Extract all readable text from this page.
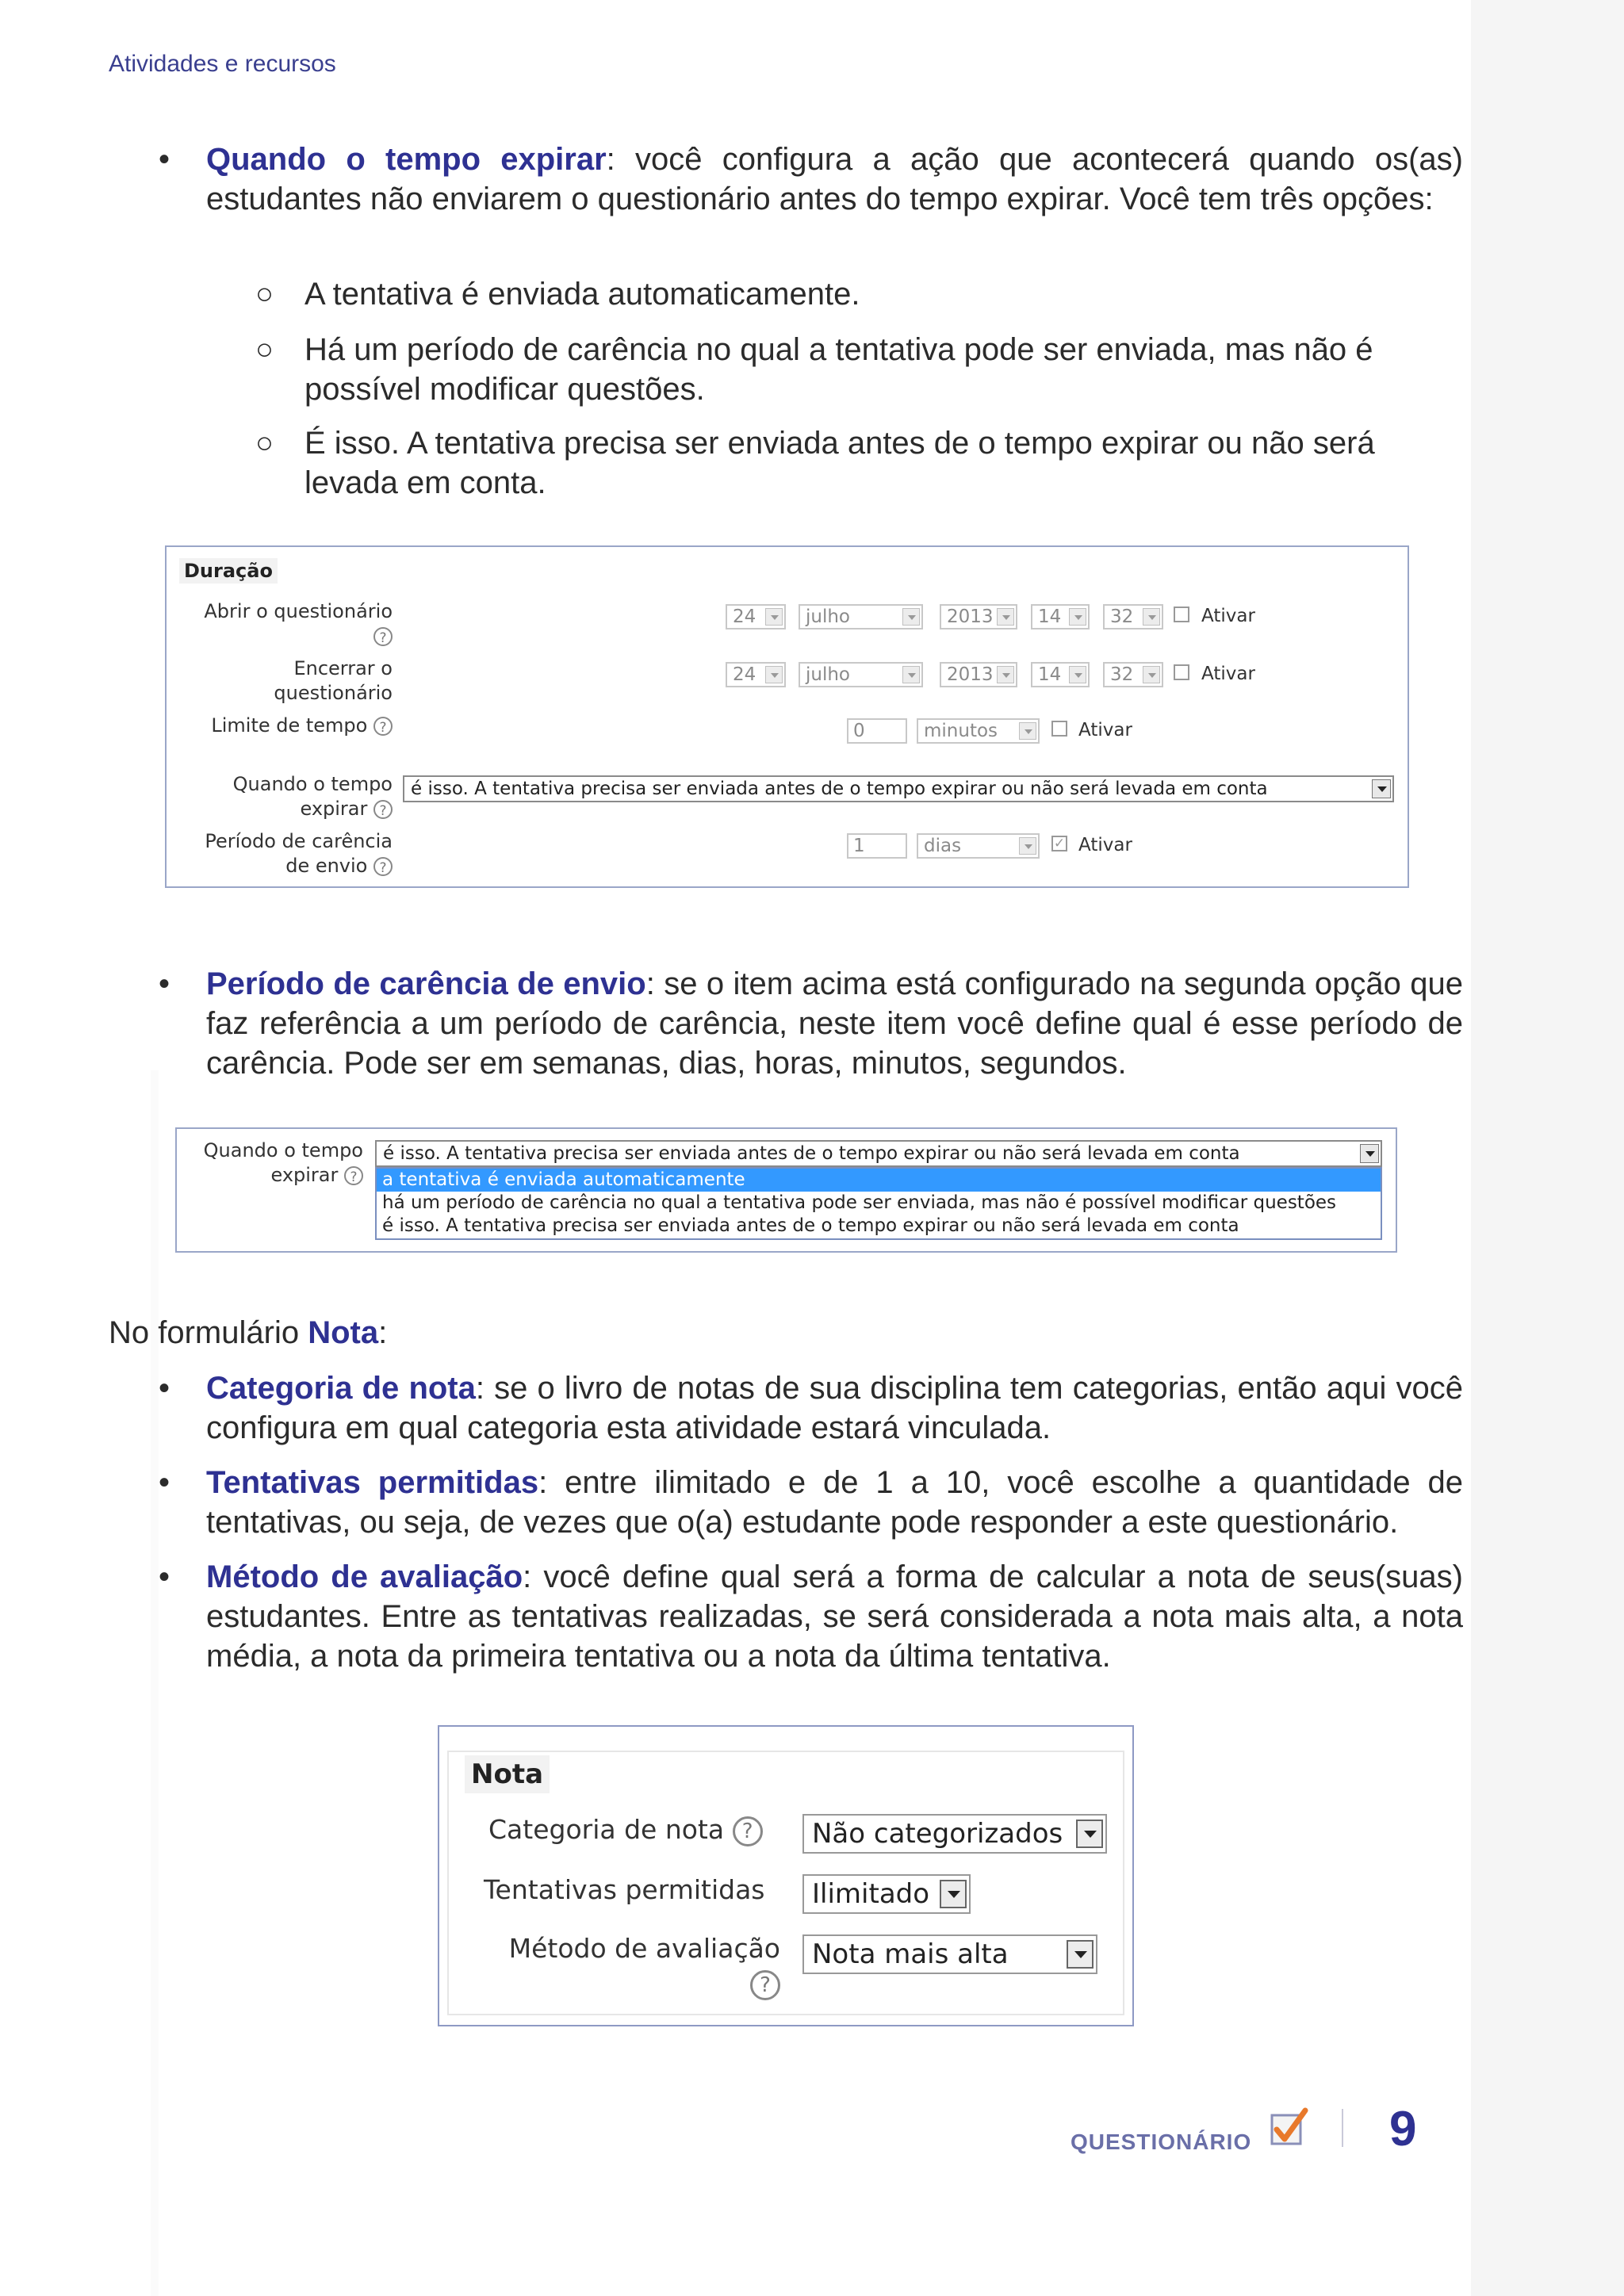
Atividades e recursos
•	Quando o tempo expirar: você configura a ação que acontecerá quando os(as) estudantes não enviarem o questionário antes do tempo expirar. Você tem três opções:
○ A tentativa é enviada automaticamente.
○ Há um período de carência no qual a tentativa pode ser enviada, mas não é possível modificar questões.
○ É isso. A tentativa precisa ser enviada antes de o tempo expirar ou não será levada em conta.
Duração
Abrir o questionário
?
24	julho	2013	14	32	Ativar
Encerrar o questionário
24	julho	2013	14	32	Ativar
Limite de tempo ?	0	minutos	Ativar
Quando o tempo
expirar ?
é isso. A tentativa precisa ser enviada antes de o tempo expirar ou não será levada em conta
Período de carência
de envio ?
1	dias	✓ Ativar
•	Período de carência de envio: se o item acima está configurado na segunda opção que faz referência a um período de carência, neste item você define qual é esse período de carência. Pode ser em semanas, dias, horas, minutos, segundos.
Quando o tempo
expirar ?
é isso. A tentativa precisa ser enviada antes de o tempo expirar ou não será levada em conta
a tentativa é enviada automaticamente
há um período de carência no qual a tentativa pode ser enviada, mas não é possível modificar questões
é isso. A tentativa precisa ser enviada antes de o tempo expirar ou não será levada em conta
No formulário Nota:
•	Categoria de nota: se o livro de notas de sua disciplina tem categorias, então aqui você configura em qual categoria esta atividade estará vinculada.
•	Tentativas permitidas: entre ilimitado e de 1 a 10, você escolhe a quantidade de tentativas, ou seja, de vezes que o(a) estudante pode responder a este questionário.
•	Método de avaliação: você define qual será a forma de calcular a nota de seus(suas) estudantes. Entre as tentativas realizadas, se será considerada a nota mais alta, a nota média, a nota da primeira tentativa ou a nota da última tentativa.
Nota
Categoria de nota ?	Não categorizados
Tentativas permitidas	Ilimitado
Método de avaliação
?
Nota mais alta
QUESTIONÁRIO	9
